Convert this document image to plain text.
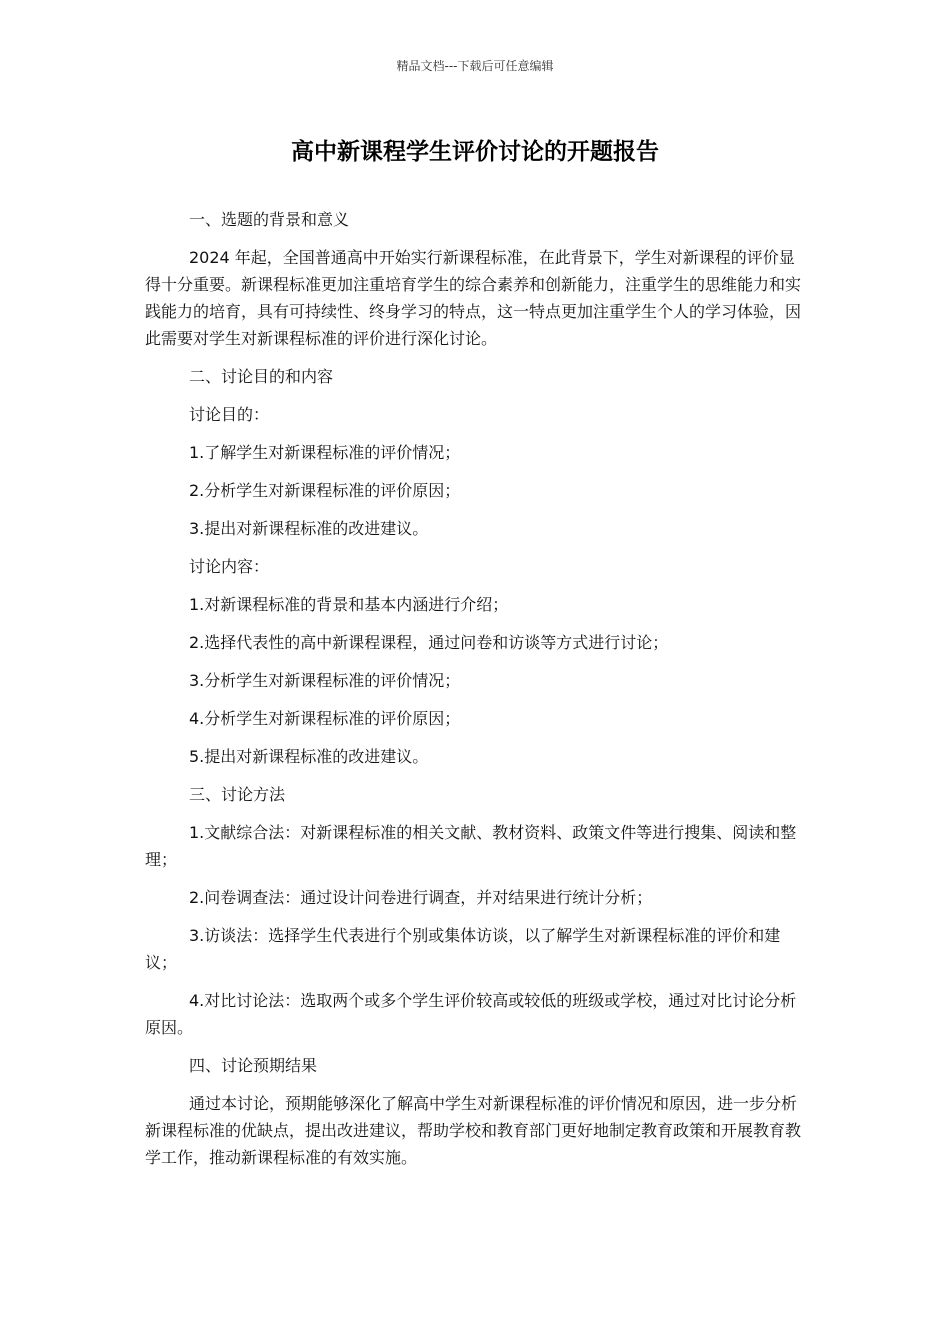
精品文档---下载后可任意编辑
高中新课程学生评价讨论的开题报告

一、选题的背景和意义

2024 年起，全国普通高中开始实行新课程标准，在此背景下，学生对新课程的评价显得十分重要。新课程标准更加注重培育学生的综合素养和创新能力，注重学生的思维能力和实践能力的培育，具有可持续性、终身学习的特点，这一特点更加注重学生个人的学习体验，因此需要对学生对新课程标准的评价进行深化讨论。

二、讨论目的和内容

讨论目的：

1.了解学生对新课程标准的评价情况；

2.分析学生对新课程标准的评价原因；

3.提出对新课程标准的改进建议。

讨论内容：

1.对新课程标准的背景和基本内涵进行介绍；

2.选择代表性的高中新课程课程，通过问卷和访谈等方式进行讨论；

3.分析学生对新课程标准的评价情况；

4.分析学生对新课程标准的评价原因；

5.提出对新课程标准的改进建议。

三、讨论方法

1.文献综合法：对新课程标准的相关文献、教材资料、政策文件等进行搜集、阅读和整理；

2.问卷调查法：通过设计问卷进行调查，并对结果进行统计分析；

3.访谈法：选择学生代表进行个别或集体访谈，以了解学生对新课程标准的评价和建议；

4.对比讨论法：选取两个或多个学生评价较高或较低的班级或学校，通过对比讨论分析原因。

四、讨论预期结果

通过本讨论，预期能够深化了解高中学生对新课程标准的评价情况和原因，进一步分析新课程标准的优缺点，提出改进建议，帮助学校和教育部门更好地制定教育政策和开展教育教学工作，推动新课程标准的有效实施。
